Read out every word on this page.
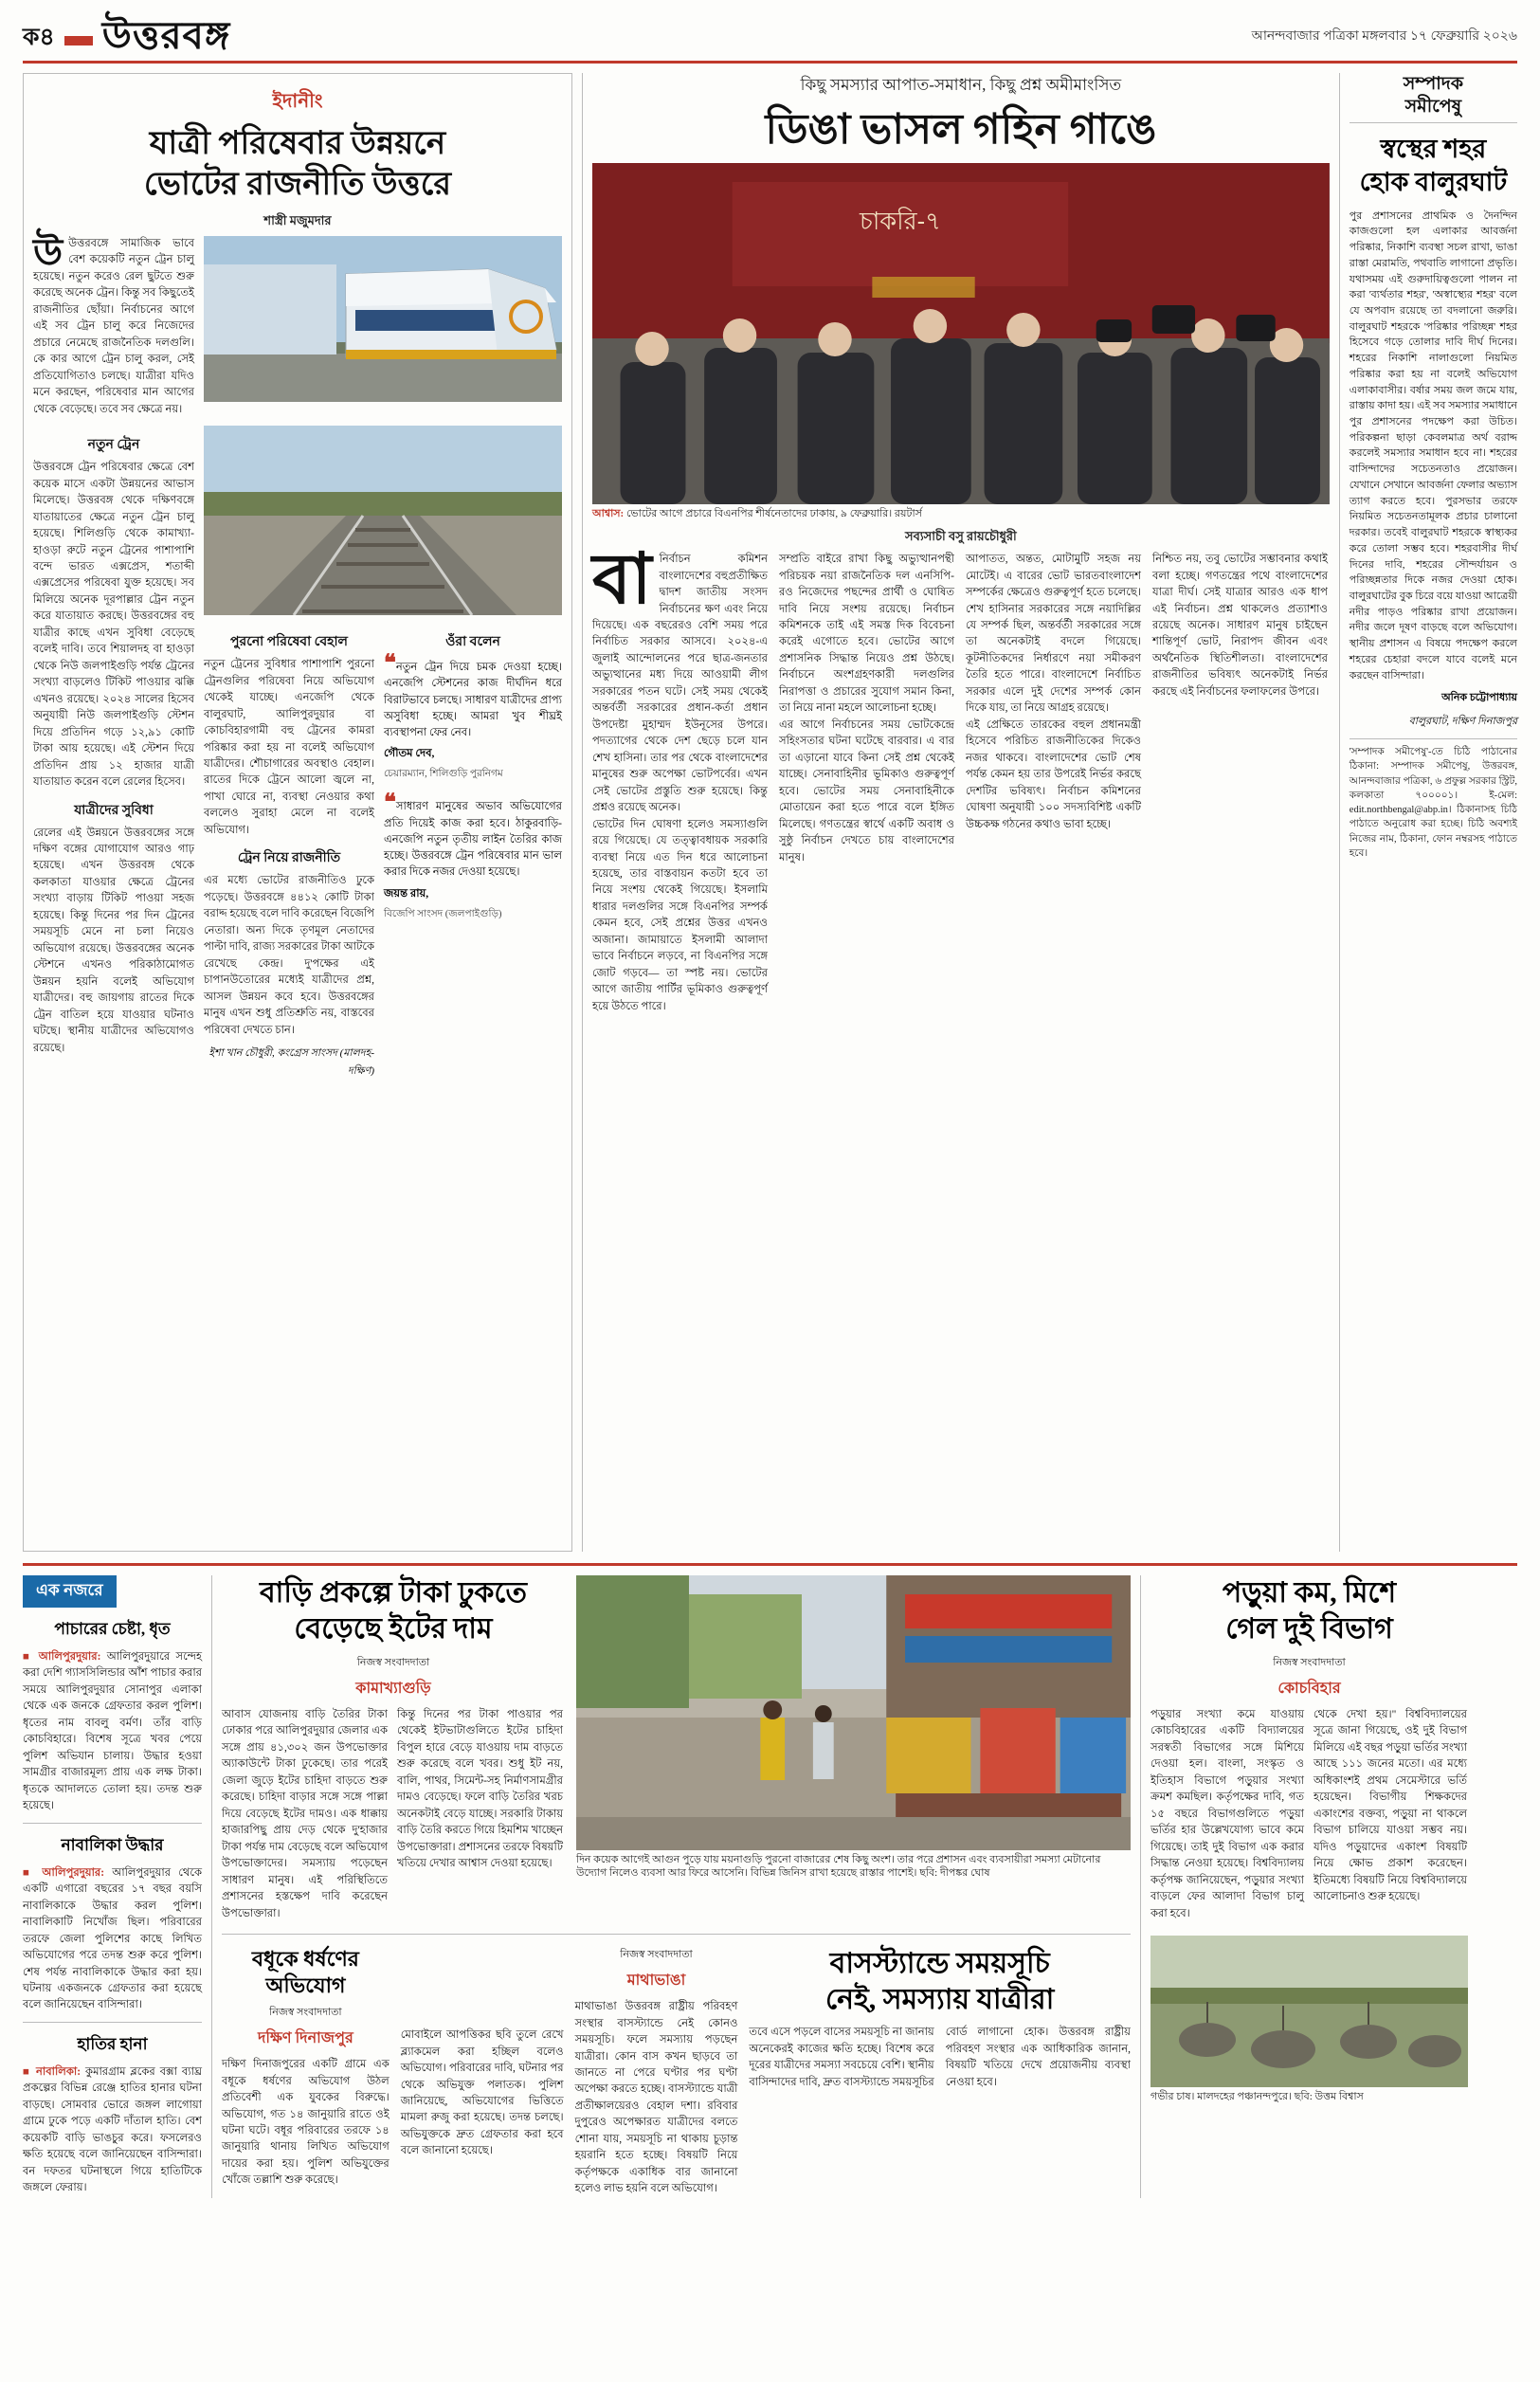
ক৪ উত্তরবঙ্গ	আনন্দবাজার পত্রিকা মঙ্গলবার ১৭ ফেব্রুয়ারি ২০২৬
ইদানীং
যাত্রী পরিষেবার উন্নয়নে
ভোটের রাজনীতি উত্তরে
শাস্ত্রী মজুমদার
উউত্তরবঙ্গে সামাজিক ভাবে বেশ কয়েকটি নতুন ট্রেন চালু হয়েছে। নতুন করেও রেল ছুটতে শুরু করেছে অনেক ট্রেন। কিন্তু সব কিছুতেই রাজনীতির ছোঁয়া। নির্বাচনের আগে এই সব ট্রেন চালু করে নিজেদের প্রচারে নেমেছে রাজনৈতিক দলগুলি। কে কার আগে ট্রেন চালু করল, সেই প্রতিযোগিতাও চলছে। যাত্রীরা যদিও মনে করছেন, পরিষেবার মান আগের থেকে বেড়েছে। তবে সব ক্ষেত্রে নয়।
নতুন ট্রেন
উত্তরবঙ্গে ট্রেন পরিষেবার ক্ষেত্রে বেশ কয়েক মাসে একটা উন্নয়নের আভাস মিলেছে। উত্তরবঙ্গ থেকে দক্ষিণবঙ্গে যাতায়াতের ক্ষেত্রে নতুন ট্রেন চালু হয়েছে। শিলিগুড়ি থেকে কামাখ্যা-হাওড়া রুটে নতুন ট্রেনের পাশাপাশি বন্দে ভারত এক্সপ্রেস, শতাব্দী এক্সপ্রেসের পরিষেবা যুক্ত হয়েছে। সব মিলিয়ে অনেক দূরপাল্লার ট্রেন নতুন করে যাতায়াত করছে। উত্তরবঙ্গের বহু যাত্রীর কাছে এখন সুবিধা বেড়েছে বলেই দাবি। তবে শিয়ালদহ বা হাওড়া থেকে নিউ জলপাইগুড়ি পর্যন্ত ট্রেনের সংখ্যা বাড়লেও টিকিট পাওয়ার ঝক্কি এখনও রয়েছে। ২০২৪ সালের হিসেব অনুযায়ী নিউ জলপাইগুড়ি স্টেশন দিয়ে প্রতিদিন গড়ে ১২,৯১ কোটি টাকা আয় হয়েছে। এই স্টেশন দিয়ে প্রতিদিন প্রায় ১২ হাজার যাত্রী যাতায়াত করেন বলে রেলের হিসেব।
যাত্রীদের সুবিধা
রেলের এই উন্নয়নে উত্তরবঙ্গের সঙ্গে দক্ষিণ বঙ্গের যোগাযোগ আরও গাঢ় হয়েছে। এখন উত্তরবঙ্গ থেকে কলকাতা যাওয়ার ক্ষেত্রে ট্রেনের সংখ্যা বাড়ায় টিকিট পাওয়া সহজ হয়েছে। কিন্তু দিনের পর দিন ট্রেনের সময়সূচি মেনে না চলা নিয়েও অভিযোগ রয়েছে। উত্তরবঙ্গের অনেক স্টেশনে এখনও পরিকাঠামোগত উন্নয়ন হয়নি বলেই অভিযোগ যাত্রীদের। বহু জায়গায় রাতের দিকে ট্রেন বাতিল হয়ে যাওয়ার ঘটনাও ঘটছে। স্থানীয় যাত্রীদের অভিযোগও রয়েছে।
পুরনো পরিষেবা বেহাল
নতুন ট্রেনের সুবিধার পাশাপাশি পুরনো ট্রেনগুলির পরিষেবা নিয়ে অভিযোগ থেকেই যাচ্ছে। এনজেপি থেকে বালুরঘাট, আলিপুরদুয়ার বা কোচবিহারগামী বহু ট্রেনের কামরা পরিষ্কার করা হয় না বলেই অভিযোগ যাত্রীদের। শৌচাগারের অবস্থাও বেহাল। রাতের দিকে ট্রেনে আলো জ্বলে না, পাখা ঘোরে না, ব্যবস্থা নেওয়ার কথা বললেও সুরাহা মেলে না বলেই অভিযোগ।
ট্রেন নিয়ে রাজনীতি
এর মধ্যে ভোটের রাজনীতিও ঢুকে পড়েছে। উত্তরবঙ্গে ৪৪১২ কোটি টাকা বরাদ্দ হয়েছে বলে দাবি করেছেন বিজেপি নেতারা। অন্য দিকে তৃণমূল নেতাদের পাল্টা দাবি, রাজ্য সরকারের টাকা আটকে রেখেছে কেন্দ্র। দু'পক্ষের এই চাপানউতোরের মধ্যেই যাত্রীদের প্রশ্ন, আসল উন্নয়ন কবে হবে। উত্তরবঙ্গের মানুষ এখন শুধু প্রতিশ্রুতি নয়, বাস্তবের পরিষেবা দেখতে চান।
ইশা খান চৌধুরী, কংগ্রেস সাংসদ (মালদহ-দক্ষিণ)
ওঁরা বলেন
❝নতুন ট্রেন দিয়ে চমক দেওয়া হচ্ছে। এনজেপি স্টেশনের কাজ দীর্ঘদিন ধরে বিরাটভাবে চলছে। সাধারণ যাত্রীদের প্রাপ্য অসুবিধা হচ্ছে। আমরা খুব শীঘ্রই ব্যবস্থাপনা ফের নেব।
গৌতম দেব,
চেয়ারম্যান, শিলিগুড়ি পুরনিগম
❝সাধারণ মানুষের অভাব অভিযোগের প্রতি দিয়েই কাজ করা হবে। ঠাকুরবাড়ি-এনজেপি নতুন তৃতীয় লাইন তৈরির কাজ হচ্ছে। উত্তরবঙ্গে ট্রেন পরিষেবার মান ভাল করার দিকে নজর দেওয়া হয়েছে।
জয়ন্ত রায়,
বিজেপি সাংসদ (জলপাইগুড়ি)
কিছু সমস্যার আপাত-সমাধান, কিছু প্রশ্ন অমীমাংসিত
ডিঙা ভাসল গহিন গাঙে
চাকরি-৭
আশ্বাস: ভোটের আগে প্রচারে বিএনপির শীর্ষনেতাদের ঢাকায়, ৯ ফেব্রুয়ারি। রয়টার্স
সব্যসাচী বসু রায়চৌধুরী
বানির্বাচন কমিশন বাংলাদেশের বহুপ্রতীক্ষিত দ্বাদশ জাতীয় সংসদ নির্বাচনের ক্ষণ এবং নিয়ে দিয়েছে। এক বছরেরও বেশি সময় পরে নির্বাচিত সরকার আসবে। ২০২৪-এ জুলাই আন্দোলনের পরে ছাত্র-জনতার অভ্যুত্থানের মধ্য দিয়ে আওয়ামী লীগ সরকারের পতন ঘটে। সেই সময় থেকেই অন্তর্বর্তী সরকারের প্রধান-কর্তা প্রধান উপদেষ্টা মুহাম্মদ ইউনূসের উপরে। পদত্যাগের থেকে দেশ ছেড়ে চলে যান শেখ হাসিনা। তার পর থেকে বাংলাদেশের মানুষের শুরু অপেক্ষা ভোটপর্বের। এখন সেই ভোটের প্রস্তুতি শুরু হয়েছে। কিন্তু প্রশ্নও রয়েছে অনেক।
ভোটের দিন ঘোষণা হলেও সমস্যাগুলি রয়ে গিয়েছে। যে তত্ত্বাবধায়ক সরকারি ব্যবস্থা নিয়ে এত দিন ধরে আলোচনা হয়েছে, তার বাস্তবায়ন কতটা হবে তা নিয়ে সংশয় থেকেই গিয়েছে। ইসলামি ধারার দলগুলির সঙ্গে বিএনপির সম্পর্ক কেমন হবে, সেই প্রশ্নের উত্তর এখনও অজানা। জামায়াতে ইসলামী আলাদা ভাবে নির্বাচনে লড়বে, না বিএনপির সঙ্গে জোট গড়বে— তা স্পষ্ট নয়। ভোটের আগে জাতীয় পার্টির ভূমিকাও গুরুত্বপূর্ণ হয়ে উঠতে পারে।
সম্প্রতি বাইরে রাখা কিছু অভ্যুত্থানপন্থী পরিচয়ক নয়া রাজনৈতিক দল এনসিপি-রও নিজেদের পছন্দের প্রার্থী ও ঘোষিত দাবি নিয়ে সংশয় রয়েছে। নির্বাচন কমিশনকে তাই এই সমস্ত দিক বিবেচনা করেই এগোতে হবে। ভোটের আগে প্রশাসনিক সিদ্ধান্ত নিয়েও প্রশ্ন উঠছে। নির্বাচনে অংশগ্রহণকারী দলগুলির নিরাপত্তা ও প্রচারের সুযোগ সমান কিনা, তা নিয়ে নানা মহলে আলোচনা হচ্ছে।
এর আগে নির্বাচনের সময় ভোটকেন্দ্রে সহিংসতার ঘটনা ঘটেছে বারবার। এ বার তা এড়ানো যাবে কিনা সেই প্রশ্ন থেকেই যাচ্ছে। সেনাবাহিনীর ভূমিকাও গুরুত্বপূর্ণ হবে। ভোটের সময় সেনাবাহিনীকে মোতায়েন করা হতে পারে বলে ইঙ্গিত মিলেছে। গণতন্ত্রের স্বার্থে একটি অবাধ ও সুষ্ঠু নির্বাচন দেখতে চায় বাংলাদেশের মানুষ।
আপাতত, অন্তত, মোটামুটি সহজ নয় মোটেই। এ বারের ভোট ভারতবাংলাদেশ সম্পর্কের ক্ষেত্রেও গুরুত্বপূর্ণ হতে চলেছে। শেখ হাসিনার সরকারের সঙ্গে নয়াদিল্লির যে সম্পর্ক ছিল, অন্তর্বর্তী সরকারের সঙ্গে তা অনেকটাই বদলে গিয়েছে। কূটনীতিকদের নির্ধারণে নয়া সমীকরণ তৈরি হতে পারে। বাংলাদেশে নির্বাচিত সরকার এলে দুই দেশের সম্পর্ক কোন দিকে যায়, তা নিয়ে আগ্রহ রয়েছে।
এই প্রেক্ষিতে তারকের বহুল প্রধানমন্ত্রী হিসেবে পরিচিত রাজনীতিকের দিকেও নজর থাকবে। বাংলাদেশের ভোট শেষ পর্যন্ত কেমন হয় তার উপরেই নির্ভর করছে দেশটির ভবিষ্যৎ। নির্বাচন কমিশনের ঘোষণা অনুযায়ী ১০০ সদস্যবিশিষ্ট একটি উচ্চকক্ষ গঠনের কথাও ভাবা হচ্ছে।
নিশ্চিত নয়, তবু ভোটের সম্ভাবনার কথাই বলা হচ্ছে। গণতন্ত্রের পথে বাংলাদেশের যাত্রা দীর্ঘ। সেই যাত্রার আরও এক ধাপ এই নির্বাচন। প্রশ্ন থাকলেও প্রত্যাশাও রয়েছে অনেক। সাধারণ মানুষ চাইছেন শান্তিপূর্ণ ভোট, নিরাপদ জীবন এবং অর্থনৈতিক স্থিতিশীলতা। বাংলাদেশের রাজনীতির ভবিষ্যৎ অনেকটাই নির্ভর করছে এই নির্বাচনের ফলাফলের উপরে।
সম্পাদক
সমীপেষু
স্বস্থের শহর
হোক বালুরঘাট
পুর প্রশাসনের প্রাথমিক ও দৈনন্দিন কাজগুলো হল এলাকার আবর্জনা পরিষ্কার, নিকাশি ব্যবস্থা সচল রাখা, ভাঙা রাস্তা মেরামতি, পথবাতি লাগানো প্রভৃতি। যথাসময় এই গুরুদায়িত্বগুলো পালন না করা 'ব্যর্থতার শহর', 'অস্বাস্থ্যের শহর' বলে যে অপবাদ রয়েছে তা বদলানো জরুরি। বালুরঘাট শহরকে 'পরিষ্কার পরিচ্ছন্ন' শহর হিসেবে গড়ে তোলার দাবি দীর্ঘ দিনের। শহরের নিকাশি নালাগুলো নিয়মিত পরিষ্কার করা হয় না বলেই অভিযোগ এলাকাবাসীর। বর্ষার সময় জল জমে যায়, রাস্তায় কাদা হয়। এই সব সমস্যার সমাধানে পুর প্রশাসনের পদক্ষেপ করা উচিত। পরিকল্পনা ছাড়া কেবলমাত্র অর্থ বরাদ্দ করলেই সমস্যার সমাধান হবে না। শহরের বাসিন্দাদের সচেতনতাও প্রয়োজন। যেখানে সেখানে আবর্জনা ফেলার অভ্যাস ত্যাগ করতে হবে। পুরসভার তরফে নিয়মিত সচেতনতামূলক প্রচার চালানো দরকার। তবেই বালুরঘাট শহরকে স্বাস্থ্যকর করে তোলা সম্ভব হবে। শহরবাসীর দীর্ঘ দিনের দাবি, শহরের সৌন্দর্যায়ন ও পরিচ্ছন্নতার দিকে নজর দেওয়া হোক। বালুরঘাটের বুক চিরে বয়ে যাওয়া আত্রেয়ী নদীর পাড়ও পরিষ্কার রাখা প্রয়োজন। নদীর জলে দূষণ বাড়ছে বলে অভিযোগ। স্থানীয় প্রশাসন এ বিষয়ে পদক্ষেপ করলে শহরের চেহারা বদলে যাবে বলেই মনে করছেন বাসিন্দারা।
অনিক চট্টোপাধ্যায়
বালুরঘাট, দক্ষিণ দিনাজপুর
'সম্পাদক সমীপেষু'-তে চিঠি পাঠানোর ঠিকানা: সম্পাদক সমীপেষু, উত্তরবঙ্গ, আনন্দবাজার পত্রিকা, ৬ প্রফুল্ল সরকার স্ট্রিট, কলকাতা ৭০০০০১। ই-মেল: edit.northbengal@abp.in। ঠিকানাসহ চিঠি পাঠাতে অনুরোধ করা হচ্ছে। চিঠি অবশ্যই নিজের নাম, ঠিকানা, ফোন নম্বরসহ পাঠাতে হবে।
এক নজরে
পাচারের চেষ্টা, ধৃত
■ আলিপুরদুয়ার: আলিপুরদুয়ারে সন্দেহ করা দেশি গ্যাসসিলিন্ডার আঁশ পাচার করার সময়ে আলিপুরদুয়ার সোনাপুর এলাকা থেকে এক জনকে গ্রেফতার করল পুলিশ। ধৃতের নাম বাবলু বর্মণ। তাঁর বাড়ি কোচবিহারে। বিশেষ সূত্রে খবর পেয়ে পুলিশ অভিযান চালায়। উদ্ধার হওয়া সামগ্রীর বাজারমূল্য প্রায় এক লক্ষ টাকা। ধৃতকে আদালতে তোলা হয়। তদন্ত শুরু হয়েছে।
নাবালিকা উদ্ধার
■ আলিপুরদুয়ার: আলিপুরদুয়ার থেকে একটি এগারো বছরের ১৭ বছর বয়সি নাবালিকাকে উদ্ধার করল পুলিশ। নাবালিকাটি নিখোঁজ ছিল। পরিবারের তরফে জেলা পুলিশের কাছে লিখিত অভিযোগের পরে তদন্ত শুরু করে পুলিশ। শেষ পর্যন্ত নাবালিকাকে উদ্ধার করা হয়। ঘটনায় একজনকে গ্রেফতার করা হয়েছে বলে জানিয়েছেন বাসিন্দারা।
হাতির হানা
■ নাবালিকা: কুমারগ্রাম ব্লকের বক্সা ব্যাঘ্র প্রকল্পের বিভিন্ন রেঞ্জে হাতির হানার ঘটনা বাড়ছে। সোমবার ভোরে জঙ্গল লাগোয়া গ্রামে ঢুকে পড়ে একটি দাঁতাল হাতি। বেশ কয়েকটি বাড়ি ভাঙচুর করে। ফসলেরও ক্ষতি হয়েছে বলে জানিয়েছেন বাসিন্দারা। বন দফতর ঘটনাস্থলে গিয়ে হাতিটিকে জঙ্গলে ফেরায়।
বাড়ি প্রকল্পে টাকা ঢুকতে
বেড়েছে ইটের দাম
নিজস্ব সংবাদদাতা
কামাখ্যাগুড়ি
আবাস যোজনায় বাড়ি তৈরির টাকা ঢোকার পরে আলিপুরদুয়ার জেলার এক সঙ্গে প্রায় ৪১,৩০২ জন উপভোক্তার অ্যাকাউন্টে টাকা ঢুকেছে। তার পরেই জেলা জুড়ে ইটের চাহিদা বাড়তে শুরু করেছে। চাহিদা বাড়ার সঙ্গে সঙ্গে পাল্লা দিয়ে বেড়েছে ইটের দামও। এক ধাক্কায় হাজারপিছু প্রায় দেড় থেকে দু'হাজার টাকা পর্যন্ত দাম বেড়েছে বলে অভিযোগ উপভোক্তাদের। সমস্যায় পড়েছেন সাধারণ মানুষ। এই পরিস্থিতিতে প্রশাসনের হস্তক্ষেপ দাবি করেছেন উপভোক্তারা।
কিন্তু দিনের পর টাকা পাওয়ার পর থেকেই ইটভাটাগুলিতে ইটের চাহিদা বিপুল হারে বেড়ে যাওয়ায় দাম বাড়তে শুরু করেছে বলে খবর। শুধু ইট নয়, বালি, পাথর, সিমেন্ট-সহ নির্মাণসামগ্রীর দামও বেড়েছে। ফলে বাড়ি তৈরির খরচ অনেকটাই বেড়ে যাচ্ছে। সরকারি টাকায় বাড়ি তৈরি করতে গিয়ে হিমশিম খাচ্ছেন উপভোক্তারা। প্রশাসনের তরফে বিষয়টি খতিয়ে দেখার আশ্বাস দেওয়া হয়েছে।	দিন কয়েক আগেই আগুন পুড়ে যায় ময়নাগুড়ি পুরনো বাজারের শেষ কিছু অংশ। তার পরে প্রশাসন এবং ব্যবসায়ীরা সমস্যা মেটানোর উদ্যোগ নিলেও ব্যবসা আর ফিরে আসেনি। বিভিন্ন জিনিস রাখা হয়েছে রাস্তার পাশেই। ছবি: দীপঙ্কর ঘোষ
বধূকে ধর্ষণের অভিযোগ
নিজস্ব সংবাদদাতা
দক্ষিণ দিনাজপুর
দক্ষিণ দিনাজপুরের একটি গ্রামে এক বধূকে ধর্ষণের অভিযোগ উঠল প্রতিবেশী এক যুবকের বিরুদ্ধে। অভিযোগ, গত ১৪ জানুয়ারি রাতে ওই ঘটনা ঘটে। বধূর পরিবারের তরফে ১৪ জানুয়ারি থানায় লিখিত অভিযোগ দায়ের করা হয়। পুলিশ অভিযুক্তের খোঁজে তল্লাশি শুরু করেছে।
মোবাইলে আপত্তিকর ছবি তুলে রেখে ব্ল্যাকমেল করা হচ্ছিল বলেও অভিযোগ। পরিবারের দাবি, ঘটনার পর থেকে অভিযুক্ত পলাতক। পুলিশ জানিয়েছে, অভিযোগের ভিত্তিতে মামলা রুজু করা হয়েছে। তদন্ত চলছে। অভিযুক্তকে দ্রুত গ্রেফতার করা হবে বলে জানানো হয়েছে।
নিজস্ব সংবাদদাতা
মাথাভাঙা
মাথাভাঙা উত্তরবঙ্গ রাষ্ট্রীয় পরিবহণ সংস্থার বাসস্ট্যান্ডে নেই কোনও সময়সূচি। ফলে সমস্যায় পড়ছেন যাত্রীরা। কোন বাস কখন ছাড়বে তা জানতে না পেরে ঘণ্টার পর ঘণ্টা অপেক্ষা করতে হচ্ছে। বাসস্ট্যান্ডে যাত্রী প্রতীক্ষালয়েরও বেহাল দশা। রবিবার দুপুরেও অপেক্ষারত যাত্রীদের বলতে শোনা যায়, সময়সূচি না থাকায় চূড়ান্ত হয়রানি হতে হচ্ছে। বিষয়টি নিয়ে কর্তৃপক্ষকে একাধিক বার জানানো হলেও লাভ হয়নি বলে অভিযোগ।
বাসস্ট্যান্ডে সময়সূচি
নেই, সমস্যায় যাত্রীরা
তবে এসে পড়লে বাসের সময়সূচি না জানায় অনেকেরই কাজের ক্ষতি হচ্ছে। বিশেষ করে দূরের যাত্রীদের সমস্যা সবচেয়ে বেশি। স্থানীয় বাসিন্দাদের দাবি, দ্রুত বাসস্ট্যান্ডে সময়সূচির বোর্ড লাগানো হোক। উত্তরবঙ্গ রাষ্ট্রীয় পরিবহণ সংস্থার এক আধিকারিক জানান, বিষয়টি খতিয়ে দেখে প্রয়োজনীয় ব্যবস্থা নেওয়া হবে।
পড়ুয়া কম, মিশে
গেল দুই বিভাগ
নিজস্ব সংবাদদাতা
কোচবিহার
পড়ুয়ার সংখ্যা কমে যাওয়ায় কোচবিহারের একটি বিদ্যালয়ের সরস্বতী বিভাগের সঙ্গে মিশিয়ে দেওয়া হল। বাংলা, সংস্কৃত ও ইতিহাস বিভাগে পড়ুয়ার সংখ্যা ক্রমশ কমছিল। কর্তৃপক্ষের দাবি, গত ১৫ বছরে বিভাগগুলিতে পড়ুয়া ভর্তির হার উল্লেখযোগ্য ভাবে কমে গিয়েছে। তাই দুই বিভাগ এক করার সিদ্ধান্ত নেওয়া হয়েছে। বিশ্ববিদ্যালয় কর্তৃপক্ষ জানিয়েছেন, পড়ুয়ার সংখ্যা বাড়লে ফের আলাদা বিভাগ চালু করা হবে।
থেকে দেখা হয়।" বিশ্ববিদ্যালয়ের সূত্রে জানা গিয়েছে, ওই দুই বিভাগ মিলিয়ে এই বছর পড়ুয়া ভর্তির সংখ্যা আছে ১১১ জনের মতো। এর মধ্যে অধিকাংশই প্রথম সেমেস্টারে ভর্তি হয়েছেন। বিভাগীয় শিক্ষকদের একাংশের বক্তব্য, পড়ুয়া না থাকলে বিভাগ চালিয়ে যাওয়া সম্ভব নয়। যদিও পড়ুয়াদের একাংশ বিষয়টি নিয়ে ক্ষোভ প্রকাশ করেছেন। ইতিমধ্যে বিষয়টি নিয়ে বিশ্ববিদ্যালয়ে আলোচনাও শুরু হয়েছে।
গভীর চাষ। মালদহের পঞ্চানন্দপুরে। ছবি: উত্তম বিশ্বাস
